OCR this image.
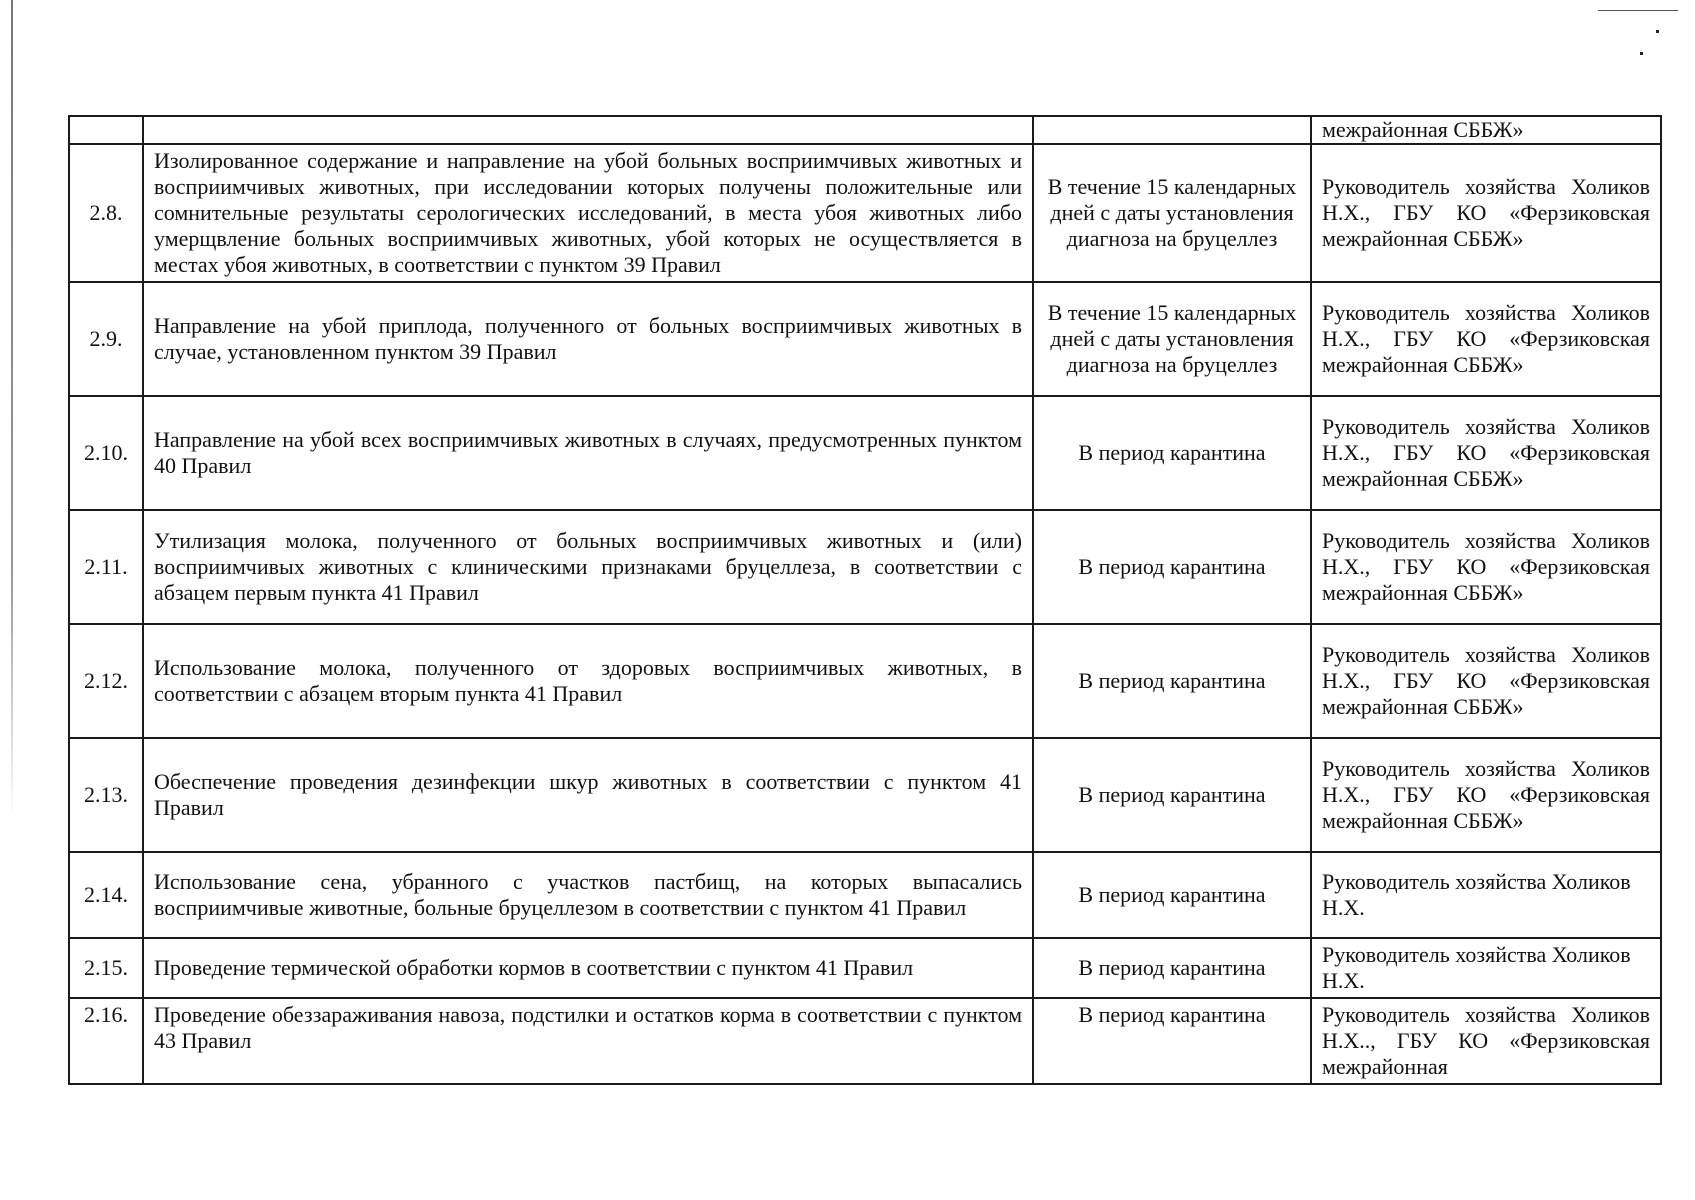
			межрайонная СББЖ»
2.8.	Изолированное содержание и направление на убой больных восприимчивых животных и восприимчивых животных, при исследовании которых получены положительные или сомнительные результаты серологических исследований, в места убоя животных либо умерщвление больных восприимчивых животных, убой которых не осуществляется в местах убоя животных, в соответствии с пунктом 39 Правил	В течение 15 календарных дней с даты установления диагноза на бруцеллез	Руководитель хозяйства Холиков Н.Х., ГБУ КО «Ферзиковская межрайонная СББЖ»
2.9.	Направление на убой приплода, полученного от больных восприимчивых животных в случае, установленном пунктом 39 Правил	В течение 15 календарных дней с даты установления диагноза на бруцеллез	Руководитель хозяйства Холиков Н.Х., ГБУ КО «Ферзиковская межрайонная СББЖ»
2.10.	Направление на убой всех восприимчивых животных в случаях, предусмотренных пунктом 40 Правил	В период карантина	Руководитель хозяйства Холиков Н.Х., ГБУ КО «Ферзиковская межрайонная СББЖ»
2.11.	Утилизация молока, полученного от больных восприимчивых животных и (или) восприимчивых животных с клиническими признаками бруцеллеза, в соответствии с абзацем первым пункта 41 Правил	В период карантина	Руководитель хозяйства Холиков Н.Х., ГБУ КО «Ферзиковская межрайонная СББЖ»
2.12.	Использование молока, полученного от здоровых восприимчивых животных, в соответствии с абзацем вторым пункта 41 Правил	В период карантина	Руководитель хозяйства Холиков Н.Х., ГБУ КО «Ферзиковская межрайонная СББЖ»
2.13.	Обеспечение проведения дезинфекции шкур животных в соответствии с пунктом 41 Правил	В период карантина	Руководитель хозяйства Холиков Н.Х., ГБУ КО «Ферзиковская межрайонная СББЖ»
2.14.	Использование сена, убранного с участков пастбищ, на которых выпасались восприимчивые животные, больные бруцеллезом в соответствии с пунктом 41 Правил	В период карантина	Руководитель хозяйства Холиков Н.Х.
2.15.	Проведение термической обработки кормов в соответствии с пунктом 41 Правил	В период карантина	Руководитель хозяйства Холиков Н.Х.
2.16.	Проведение обеззараживания навоза, подстилки и остатков корма в соответствии с пунктом 43 Правил	В период карантина	Руководитель хозяйства Холиков Н.Х.., ГБУ КО «Ферзиковская межрайонная
